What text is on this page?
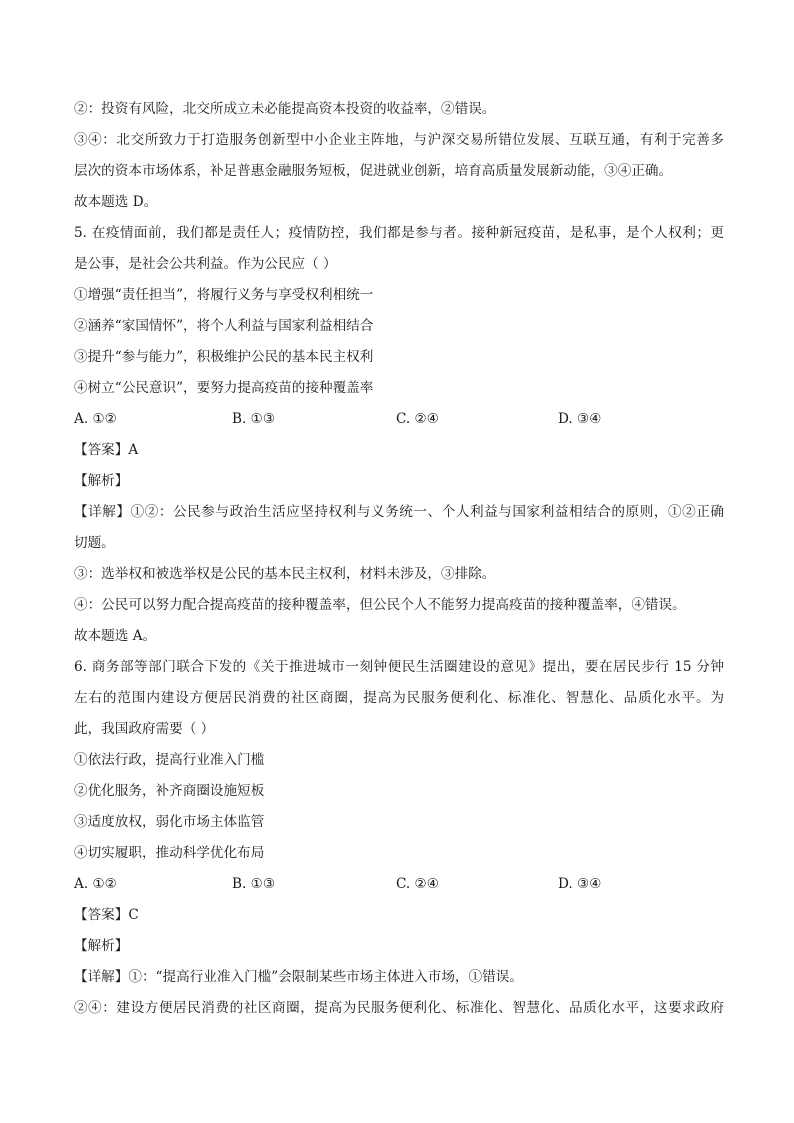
②：投资有风险，北交所成立未必能提高资本投资的收益率，②错误。
③④：北交所致力于打造服务创新型中小企业主阵地，与沪深交易所错位发展、互联互通，有利于完善多
层次的资本市场体系，补足普惠金融服务短板，促进就业创新，培育高质量发展新动能，③④正确。
故本题选 D。
5. 在疫情面前，我们都是责任人；疫情防控，我们都是参与者。接种新冠疫苗，是私事，是个人权利；更
是公事，是社会公共利益。作为公民应（ ）
①增强“责任担当”，将履行义务与享受权利相统一
②涵养“家国情怀”，将个人利益与国家利益相结合
③提升“参与能力”，积极维护公民的基本民主权利
④树立“公民意识”，要努力提高疫苗的接种覆盖率
A. ①②	B. ①③	C. ②④	D. ③④
【答案】A
【解析】
【详解】①②：公民参与政治生活应坚持权利与义务统一、个人利益与国家利益相结合的原则，①②正确
切题。
③：选举权和被选举权是公民的基本民主权利，材料未涉及，③排除。
④：公民可以努力配合提高疫苗的接种覆盖率，但公民个人不能努力提高疫苗的接种覆盖率，④错误。
故本题选 A。
6. 商务部等部门联合下发的《关于推进城市一刻钟便民生活圈建设的意见》提出，要在居民步行 15 分钟
左右的范围内建设方便居民消费的社区商圈，提高为民服务便利化、标准化、智慧化、品质化水平。为
此，我国政府需要（ ）
①依法行政，提高行业准入门槛
②优化服务，补齐商圈设施短板
③适度放权，弱化市场主体监管
④切实履职，推动科学优化布局
A. ①②	B. ①③	C. ②④	D. ③④
【答案】C
【解析】
【详解】①：“提高行业准入门槛”会限制某些市场主体进入市场，①错误。
②④：建设方便居民消费的社区商圈，提高为民服务便利化、标准化、智慧化、品质化水平，这要求政府
